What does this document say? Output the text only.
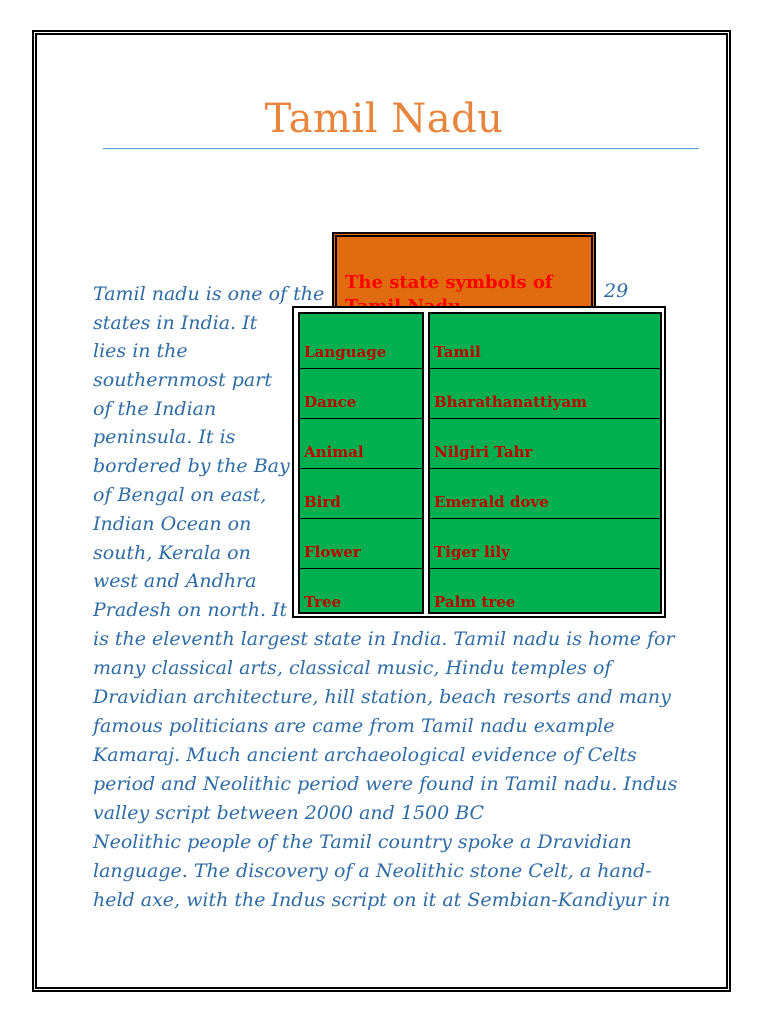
Tamil Nadu
Tamil nadu is one of the
states in India. It
lies in the
southernmost part
of the Indian
peninsula. It is
bordered by the Bay
of Bengal on east,
Indian Ocean on
south, Kerala on
west and Andhra
Pradesh on north. It
is the eleventh largest state in India. Tamil nadu is home for
many classical arts, classical music, Hindu temples of
Dravidian architecture, hill station, beach resorts and many
famous politicians are came from Tamil nadu example
Kamaraj. Much ancient archaeological evidence of Celts
period and Neolithic period were found in Tamil nadu. Indus
valley script between 2000 and 1500 BC
Neolithic people of the Tamil country spoke a Dravidian
language. The discovery of a Neolithic stone Celt, a hand-
held axe, with the Indus script on it at Sembian-Kandiyur in
29
The state symbols of
Language	Tamil
Dance	Bharathanattiyam
Animal	Nilgiri Tahr
Bird	Emerald dove
Flower	Tiger lily
Tree	Palm tree
